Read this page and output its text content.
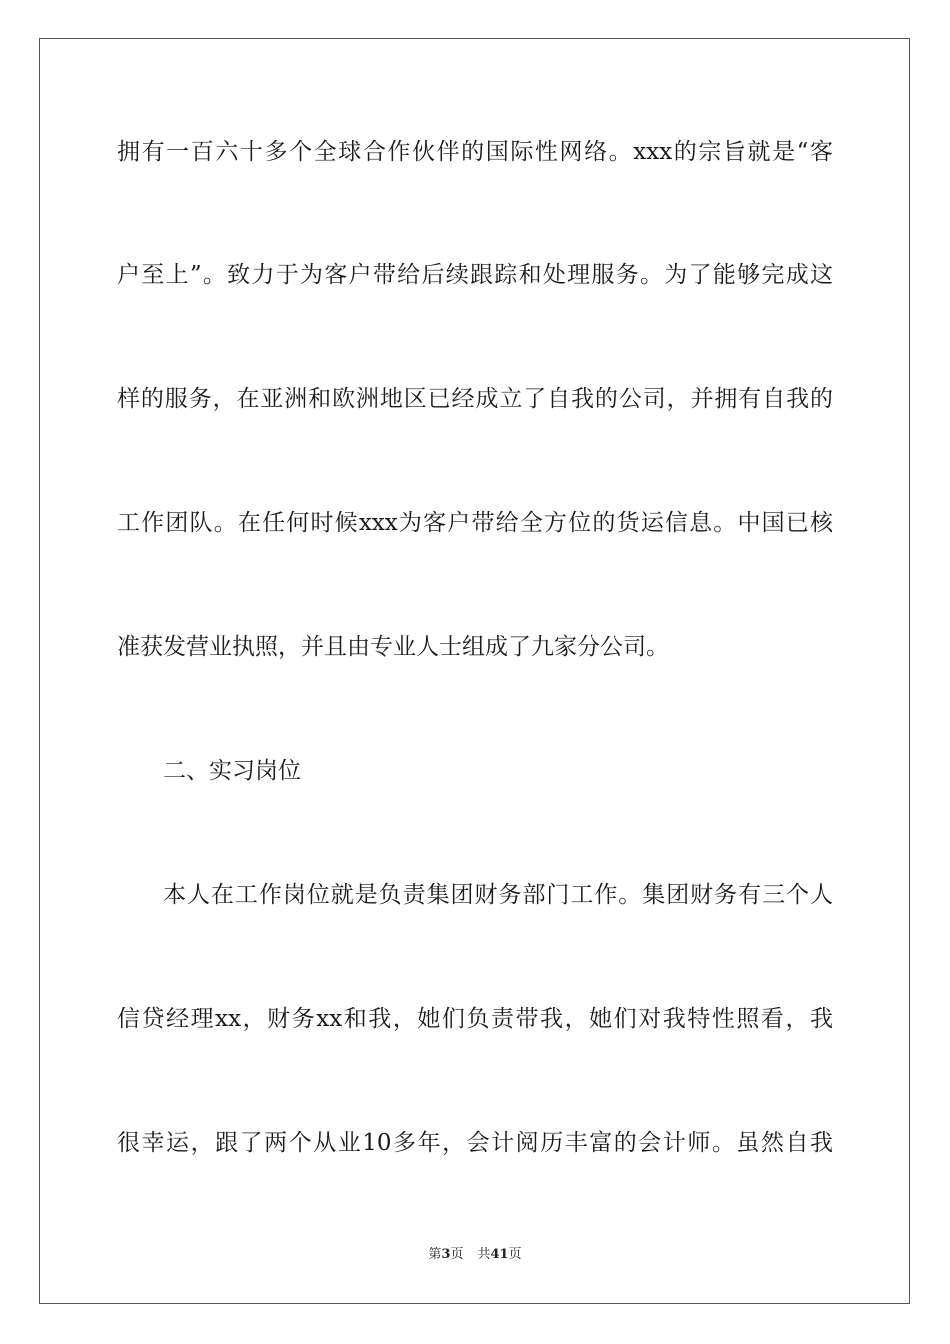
拥有一百六十多个全球合作伙伴的国际性网络。xxx的宗旨就是“客
户至上”。致力于为客户带给后续跟踪和处理服务。为了能够完成这
样的服务，在亚洲和欧洲地区已经成立了自我的公司，并拥有自我的
工作团队。在任何时候xxx为客户带给全方位的货运信息。中国已核
准获发营业执照，并且由专业人士组成了九家分公司。
二、实习岗位
本人在工作岗位就是负责集团财务部门工作。集团财务有三个人
信贷经理xx，财务xx和我，她们负责带我，她们对我特性照看，我
很幸运，跟了两个从业10多年，会计阅历丰富的会计师。虽然自我
第3页 共41页
